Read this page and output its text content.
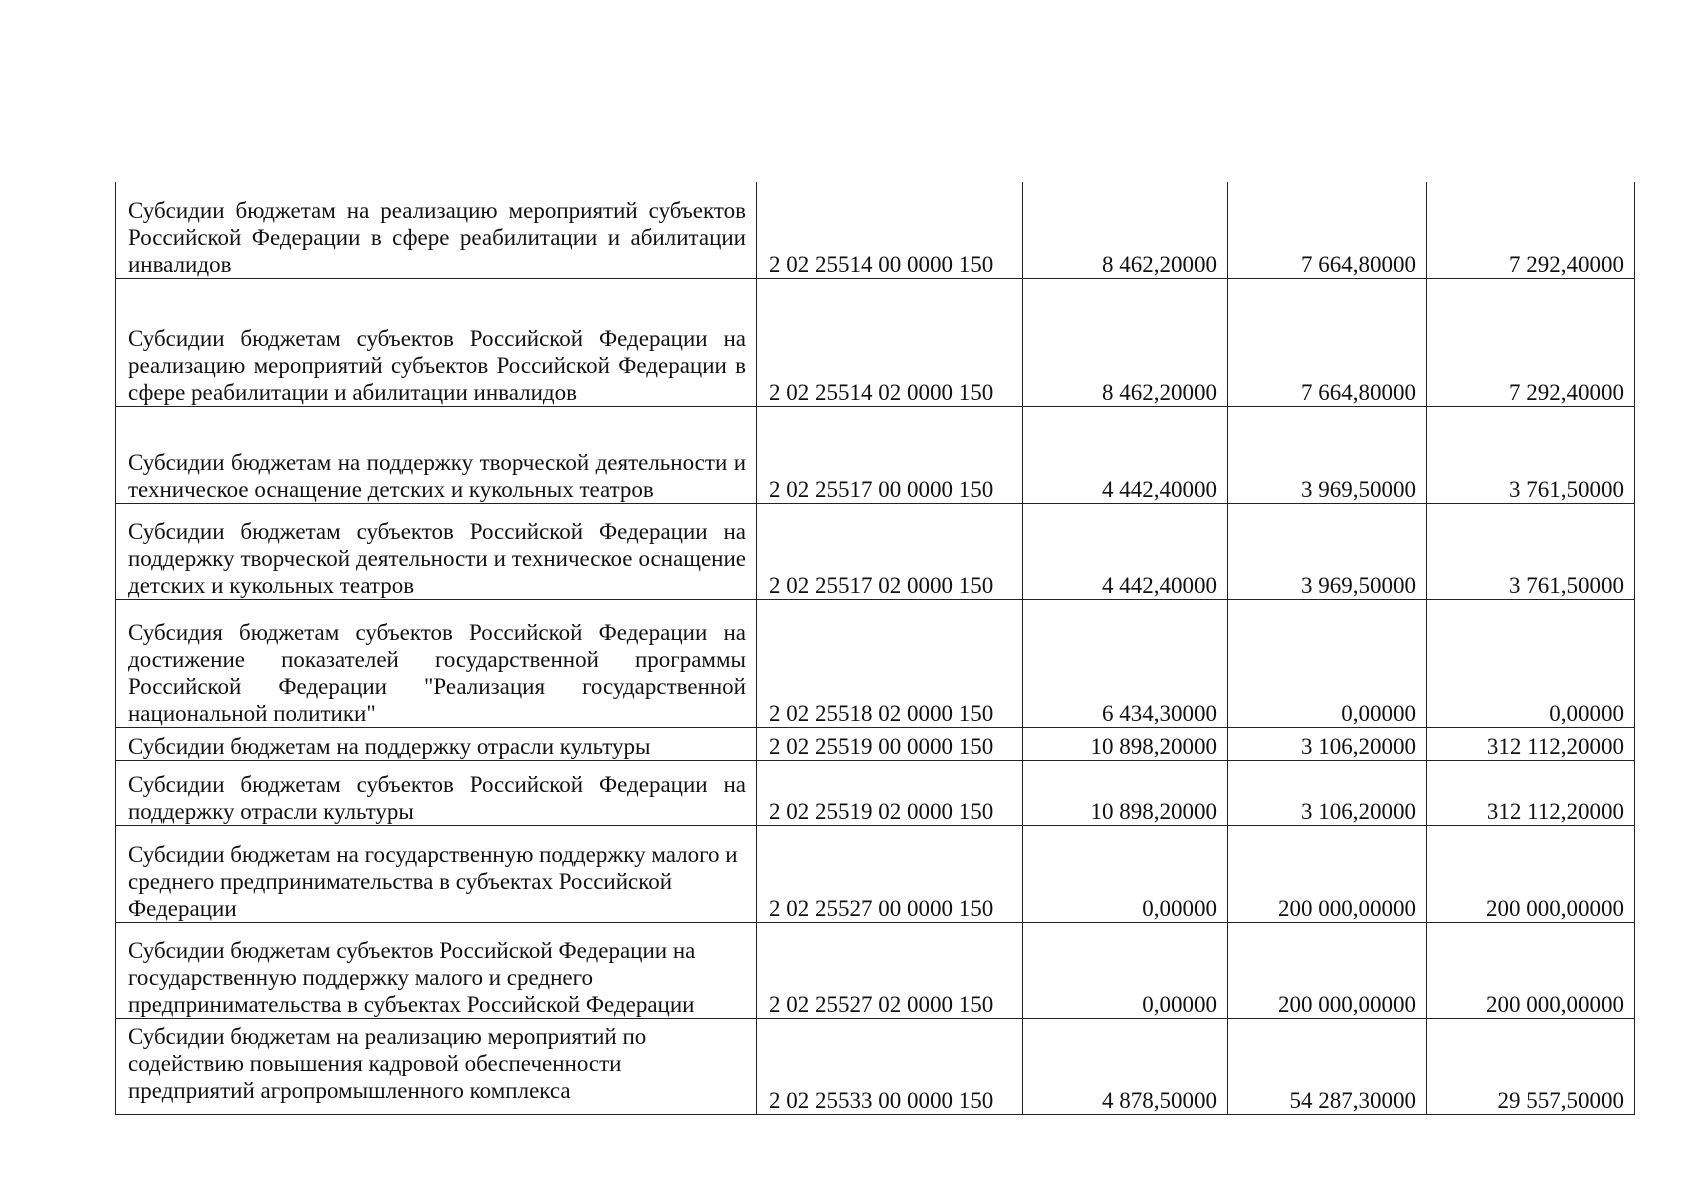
Субсидии бюджетам на реализацию мероприятий субъектов Российской Федерации в сфере реабилитации и абилитации инвалидов	2 02 25514 00 0000 150	8 462,20000	7 664,80000	7 292,40000
Субсидии бюджетам субъектов Российской Федерации на реализацию мероприятий субъектов Российской Федерации в сфере реабилитации и абилитации инвалидов	2 02 25514 02 0000 150	8 462,20000	7 664,80000	7 292,40000
Субсидии бюджетам на поддержку творческой деятельности и техническое оснащение детских и кукольных театров	2 02 25517 00 0000 150	4 442,40000	3 969,50000	3 761,50000
Субсидии бюджетам субъектов Российской Федерации на поддержку творческой деятельности и техническое оснащение детских и кукольных театров	2 02 25517 02 0000 150	4 442,40000	3 969,50000	3 761,50000
Субсидия бюджетам субъектов Российской Федерации на достижение показателей государственной программы Российской Федерации "Реализация государственной национальной политики"	2 02 25518 02 0000 150	6 434,30000	0,00000	0,00000
Субсидии бюджетам на поддержку отрасли культуры	2 02 25519 00 0000 150	10 898,20000	3 106,20000	312 112,20000
Субсидии бюджетам субъектов Российской Федерации на поддержку отрасли культуры	2 02 25519 02 0000 150	10 898,20000	3 106,20000	312 112,20000
Субсидии бюджетам на государственную поддержку малого и среднего предпринимательства в субъектах Российской Федерации	2 02 25527 00 0000 150	0,00000	200 000,00000	200 000,00000
Субсидии бюджетам субъектов Российской Федерации на государственную поддержку малого и среднего предпринимательства в субъектах Российской Федерации	2 02 25527 02 0000 150	0,00000	200 000,00000	200 000,00000
Субсидии бюджетам на реализацию мероприятий по содействию повышения кадровой обеспеченности предприятий агропромышленного комплекса	2 02 25533 00 0000 150	4 878,50000	54 287,30000	29 557,50000
